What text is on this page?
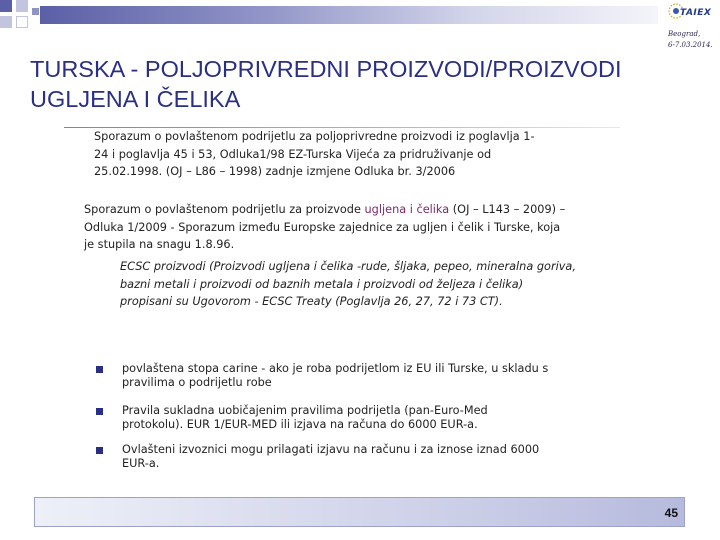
TAIEX
Beograd,
6-7.03.2014.
TURSKA - POLJOPRIVREDNI PROIZVODI/PROIZVODI
UGLJENA I ČELIKA
Sporazum o povlaštenom podrijetlu za poljoprivredne proizvodi iz poglavlja 1-
24 i poglavlja 45 i 53, Odluka1/98 EZ-Turska Vijeća za pridruživanje od
25.02.1998. (OJ – L86 – 1998) zadnje izmjene Odluka br. 3/2006
Sporazum o povlaštenom podrijetlu za proizvode ugljena i čelika (OJ – L143 – 2009) –
Odluka 1/2009 - Sporazum između Europske zajednice za ugljen i čelik i Turske, koja
je stupila na snagu 1.8.96.
ECSC proizvodi (Proizvodi ugljena i čelika -rude, šljaka, pepeo, mineralna goriva,
bazni metali i proizvodi od baznih metala i proizvodi od željeza i čelika)
propisani su Ugovorom - ECSC Treaty (Poglavlja 26, 27, 72 i 73 CT).
povlaštena stopa carine - ako je roba podrijetlom iz EU ili Turske, u skladu s
pravilima o podrijetlu robe
Pravila sukladna uobičajenim pravilima podrijetla (pan-Euro-Med
protokolu). EUR 1/EUR-MED ili izjava na računa do 6000 EUR-a.
Ovlašteni izvoznici mogu prilagati izjavu na računu i za iznose iznad 6000
EUR-a.
45
